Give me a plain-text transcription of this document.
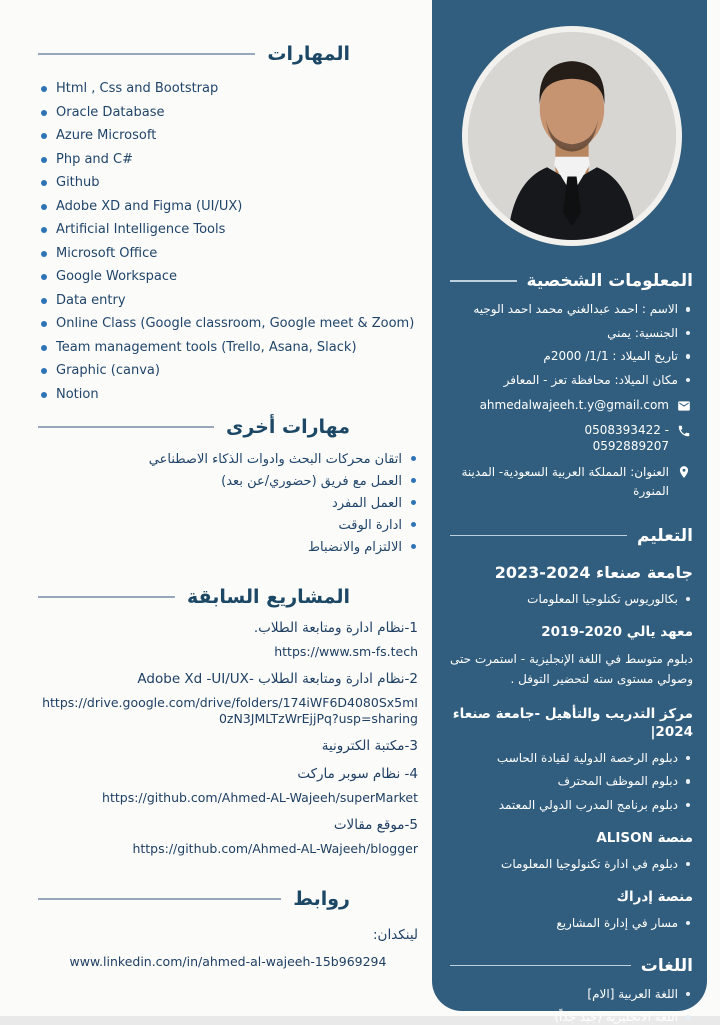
المهارات
Html , Css and Bootstrap
Oracle Database
Azure Microsoft
Php and C#
Github
Adobe XD and Figma (UI/UX)
Artificial Intelligence Tools
Microsoft Office
Google Workspace
Data entry
Online Class (Google classroom, Google meet & Zoom)
Team management tools (Trello, Asana, Slack)
Graphic (canva)
Notion
مهارات أخرى
اتقان محركات البحث وادوات الذكاء الاصطناعي
العمل مع فريق (حضوري/عن بعد)
العمل المفرد
ادارة الوقت
الالتزام والانضباط
المشاريع السابقة
1-نظام ادارة ومتابعة الطلاب.
https://www.sm-fs.tech
2-نظام ادارة ومتابعة الطلاب -Adobe Xd -UI/UX
https://drive.google.com/drive/folders/174iWF6D4080Sx5mI0zN3JMLTzWrEjjPq?usp=sharing
3-مكتبة الكترونية
4- نظام سوبر ماركت
https://github.com/Ahmed-AL-Wajeeh/superMarket
5-موقع مقالات
https://github.com/Ahmed-AL-Wajeeh/blogger
روابط
لينكدان:
www.linkedin.com/in/ahmed-al-wajeeh-15b969294
المعلومات الشخصية
الاسم : احمد عبدالغني محمد احمد الوجيه
الجنسية: يمني
تاريخ الميلاد : 1/1/ 2000م
مكان الميلاد: محافظة تعز - المعافر
ahmedalwajeeh.t.y@gmail.com
0508393422 - 0592889207
العنوان: المملكة العربية السعودية- المدينة المنورة
التعليم
جامعة صنعاء 2024-2023
بكالوريوس تكنلوجيا المعلومات
معهد يالي 2020-2019
دبلوم متوسط في اللغة الإنجليزية - استمرت حتى وصولي مستوى سته لتحضير التوفل .
مركز التدريب والتأهيل -جامعة صنعاء 2024|
دبلوم الرخصة الدولية لقيادة الحاسب
دبلوم الموظف المحترف
دبلوم برنامج المدرب الدولي المعتمد
منصة ALISON
دبلوم في ادارة تكنولوجيا المعلومات
منصة إدراك
مسار في إدارة المشاريع
اللغات
اللغة العربية [الام]
اللغة الانجليزية (جيد جداً)
